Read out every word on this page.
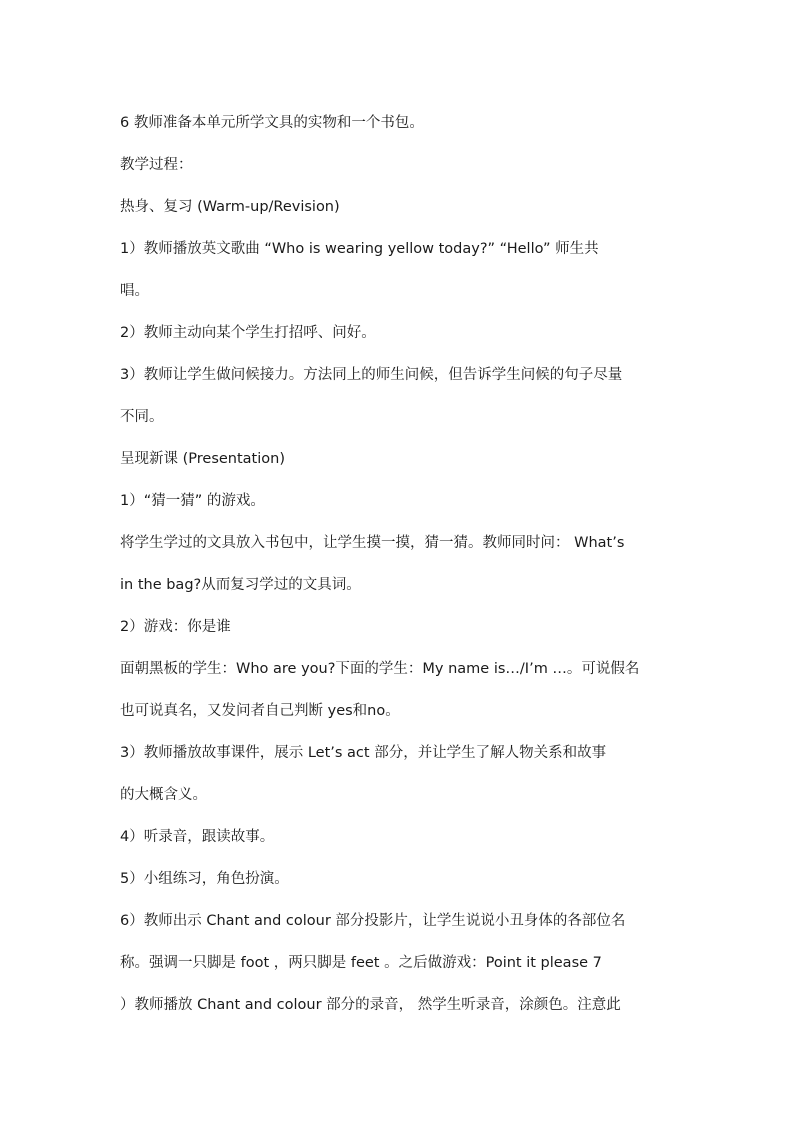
6 教师准备本单元所学文具的实物和一个书包。
教学过程：
热身、复习 (Warm-up/Revision)
1）教师播放英文歌曲 “Who is wearing yellow today?” “Hello” 师生共
唱。
2）教师主动向某个学生打招呼、问好。
3）教师让学生做问候接力。方法同上的师生问候，但告诉学生问候的句子尽量
不同。
呈现新课 (Presentation)
1）“猜一猜” 的游戏。
将学生学过的文具放入书包中，让学生摸一摸，猜一猜。教师同时问： What’s
in the bag?从而复习学过的文具词。
2）游戏：你是谁
面朝黑板的学生：Who are you?下面的学生：My name is…/I’m …。可说假名
也可说真名，又发问者自己判断 yes和no。
3）教师播放故事课件，展示 Let’s act 部分，并让学生了解人物关系和故事
的大概含义。
4）听录音，跟读故事。
5）小组练习，角色扮演。
6）教师出示 Chant and colour 部分投影片，让学生说说小丑身体的各部位名
称。强调一只脚是 foot ，两只脚是 feet 。之后做游戏：Point it please 7
）教师播放 Chant and colour 部分的录音， 然学生听录音，涂颜色。注意此
